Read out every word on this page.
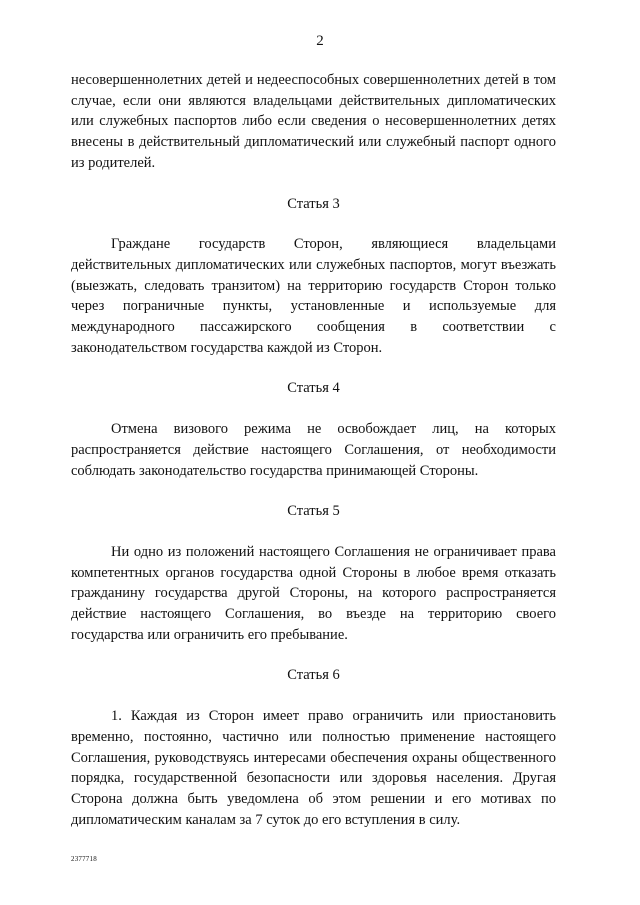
2

несовершеннолетних детей и недееспособных совершеннолетних детей в том случае, если они являются владельцами действительных дипломатических или служебных паспортов либо если сведения о несовершеннолетних детях внесены в действительный дипломатический или служебный паспорт одного из родителей.

Статья 3

Граждане государств Сторон, являющиеся владельцами действительных дипломатических или служебных паспортов, могут въезжать (выезжать, следовать транзитом) на территорию государств Сторон только через пограничные пункты, установленные и используемые для международного пассажирского сообщения в соответствии с законодательством государства каждой из Сторон.

Статья 4

Отмена визового режима не освобождает лиц, на которых распространяется действие настоящего Соглашения, от необходимости соблюдать законодательство государства принимающей Стороны.

Статья 5

Ни одно из положений настоящего Соглашения не ограничивает права компетентных органов государства одной Стороны в любое время отказать гражданину государства другой Стороны, на которого распространяется действие настоящего Соглашения, во въезде на территорию своего государства или ограничить его пребывание.

Статья 6

1. Каждая из Сторон имеет право ограничить или приостановить временно, постоянно, частично или полностью применение настоящего Соглашения, руководствуясь интересами обеспечения охраны общественного порядка, государственной безопасности или здоровья населения. Другая Сторона должна быть уведомлена об этом решении и его мотивах по дипломатическим каналам за 7 суток до его вступления в силу.

2377718
